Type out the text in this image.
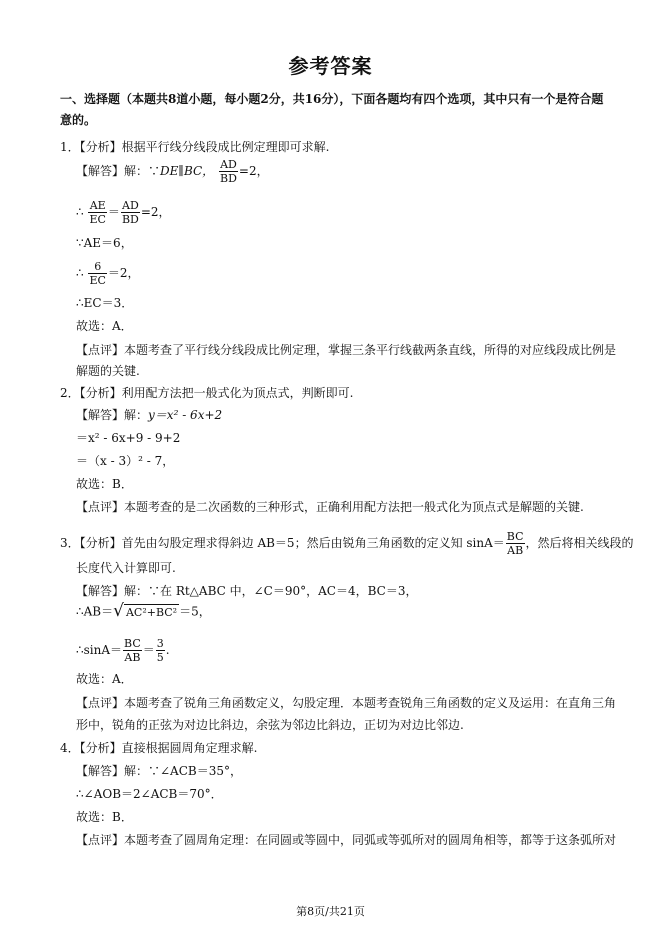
参考答案
一、选择题（本题共8道小题，每小题2分，共16分），下面各题均有四个选项，其中只有一个是符合题意的。
1．【分析】根据平行线分线段成比例定理即可求解.
【解答】解：∵DE∥BC， $\frac{AD}{BD} =2$，
∴ $\frac{AE}{EC} = \frac{AD}{BD} =2$，
∵AE＝6，
∴ $\frac{6}{EC} =2$，
∴EC＝3．
故选：A．
【点评】本题考查了平行线分线段成比例定理，掌握三条平行线截两条直线，所得的对应线段成比例是
解题的关键.
2．【分析】利用配方法把一般式化为顶点式，判断即可.
【解答】解：y＝x² - 6x+2
＝x² - 6x+9 - 9+2
＝（x - 3）² - 7，
故选：B．
【点评】本题考查的是二次函数的三种形式，正确利用配方法把一般式化为顶点式是解题的关键.
3．【分析】首先由勾股定理求得斜边 AB＝5；然后由锐角三角函数的定义知 $\sin A= \frac{BC}{AB}$ ，然后将相关线段的
长度代入计算即可.
【解答】解：∵在 Rt△ABC 中，∠C＝90°，AC＝4，BC＝3，
∴AB＝√ AC²+BC² ＝5，
∴sinA＝ $\frac{BC}{AB} = \frac{3}{5}$ .
故选：A．
【点评】本题考查了锐角三角函数定义，勾股定理．本题考查锐角三角函数的定义及运用：在直角三角
形中，锐角的正弦为对边比斜边，余弦为邻边比斜边，正切为对边比邻边.
4．【分析】直接根据圆周角定理求解.
【解答】解：∵∠ACB＝35°，
∴∠AOB＝2∠ACB＝70°．
故选：B．
【点评】本题考查了圆周角定理：在同圆或等圆中，同弧或等弧所对的圆周角相等，都等于这条弧所对
第8页/共21页
